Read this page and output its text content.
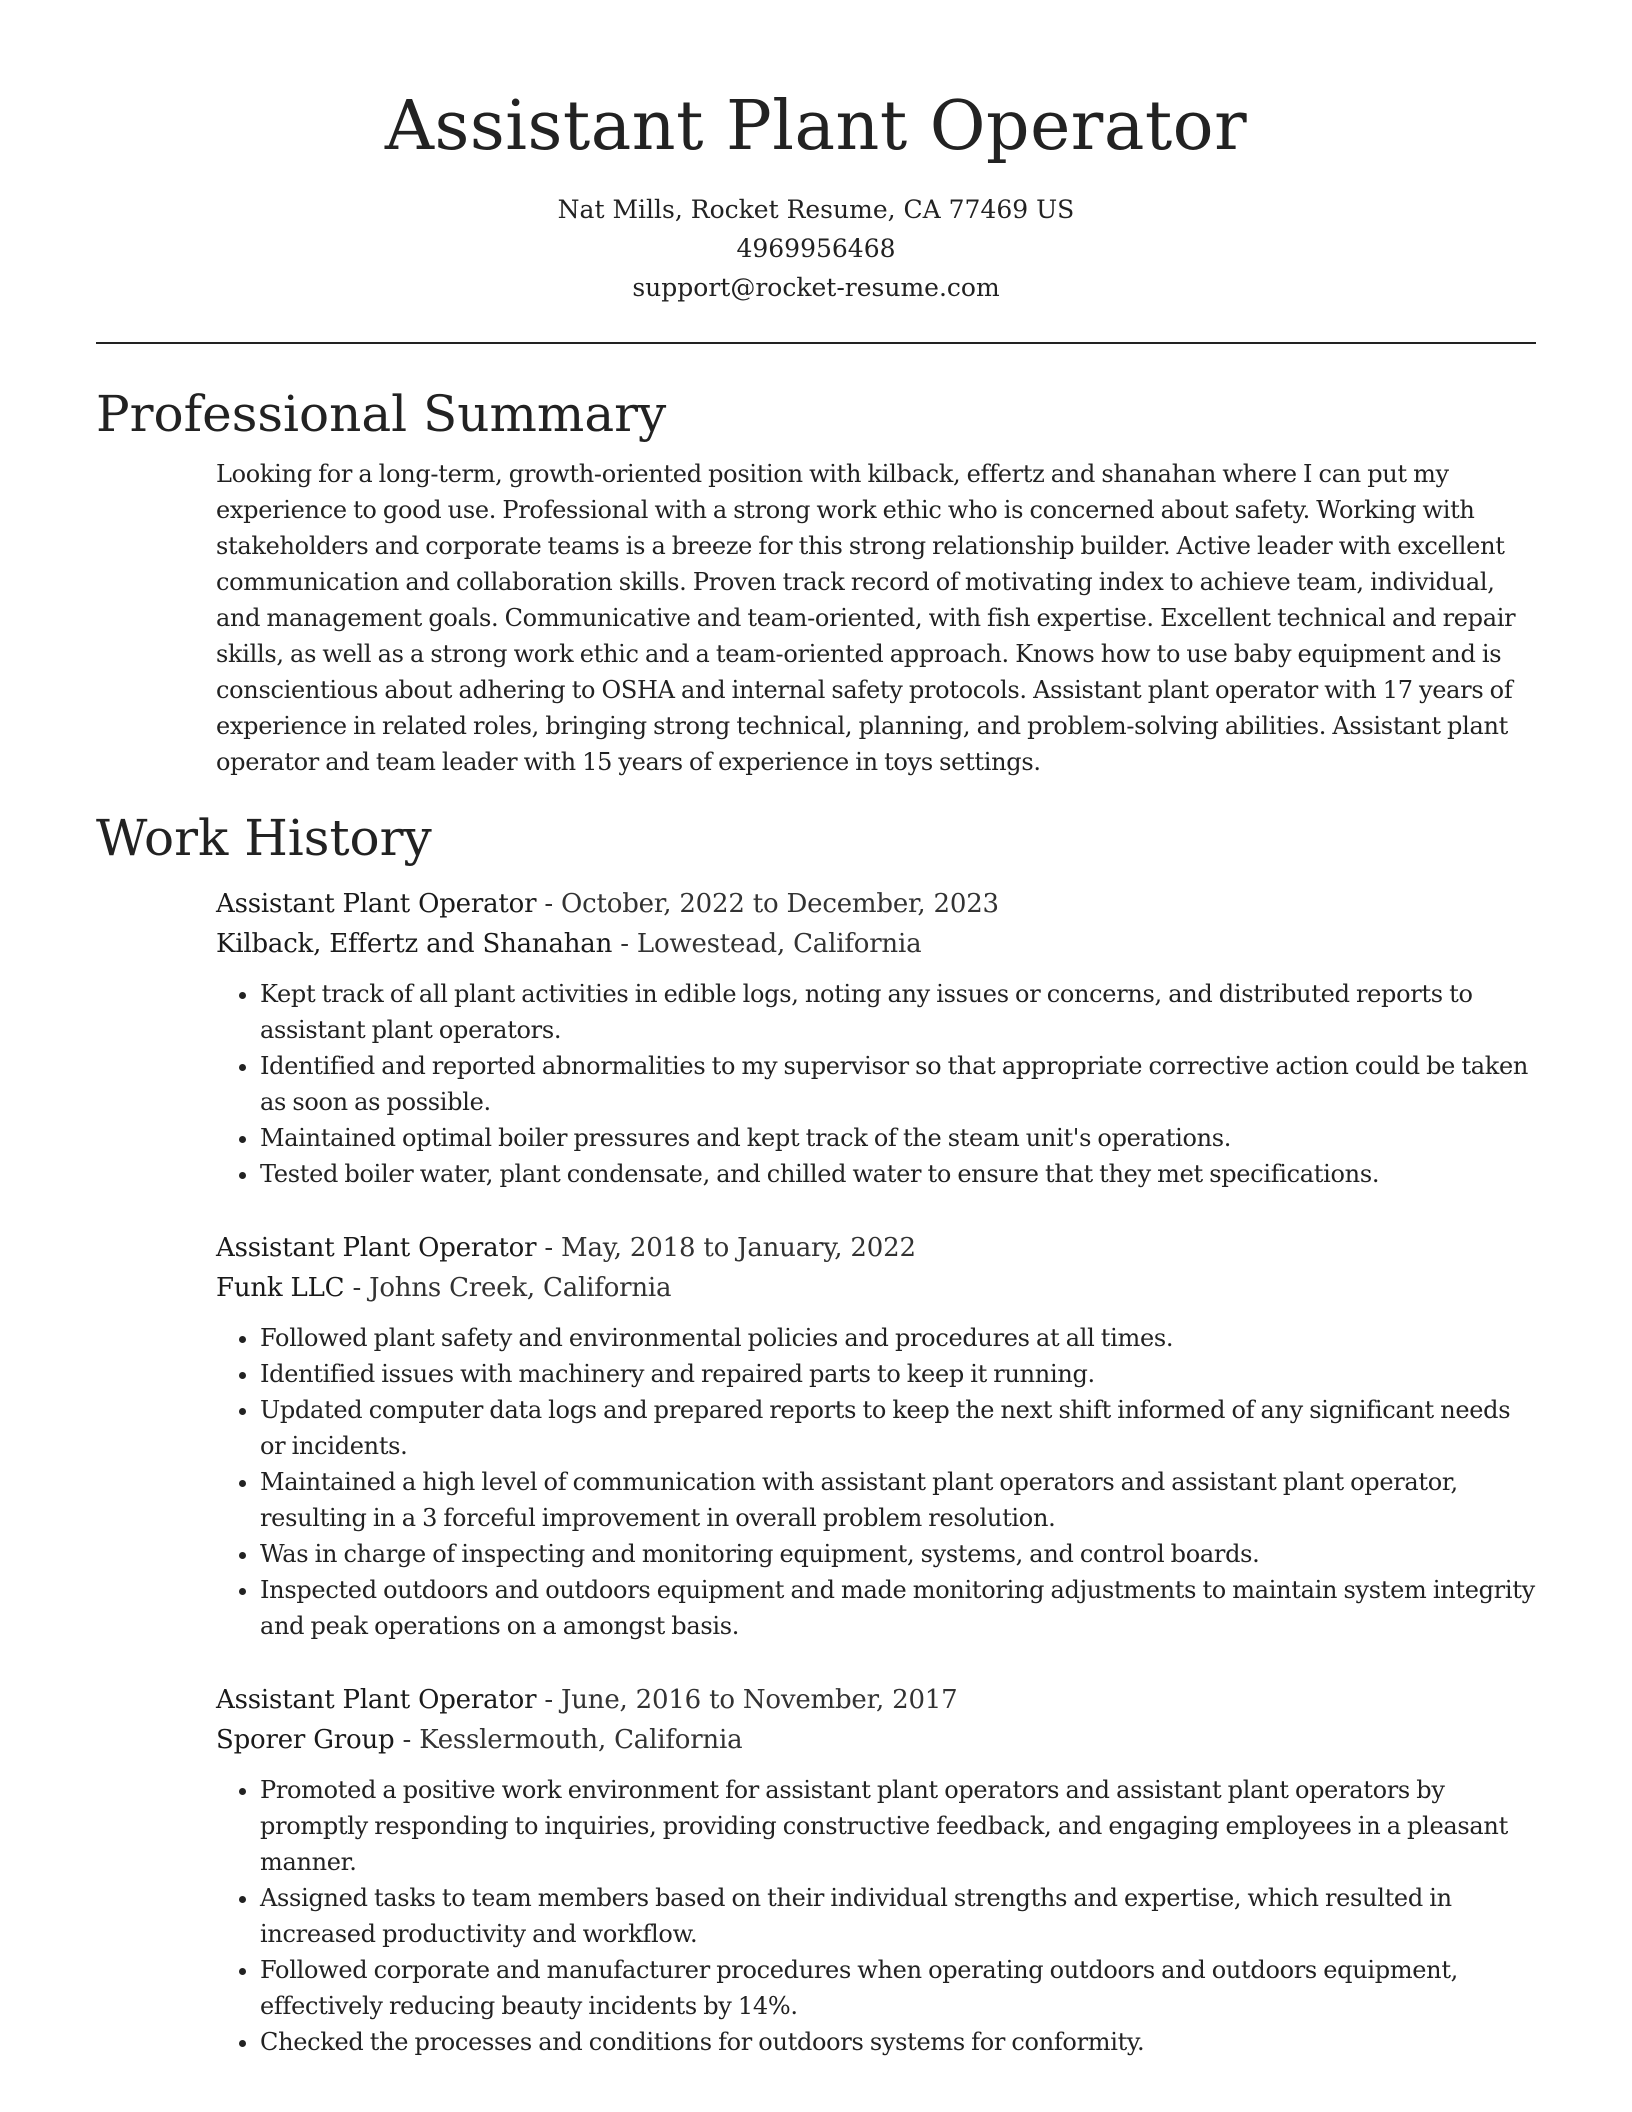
Assistant Plant Operator

Nat Mills, Rocket Resume, CA 77469 US

4969956468

support@rocket-resume.com

Professional Summary

Looking for a long-term, growth-oriented position with kilback, effertz and shanahan where I can put my experience to good use. Professional with a strong work ethic who is concerned about safety. Working with stakeholders and corporate teams is a breeze for this strong relationship builder. Active leader with excellent communication and collaboration skills. Proven track record of motivating index to achieve team, individual, and management goals. Communicative and team-oriented, with fish expertise. Excellent technical and repair skills, as well as a strong work ethic and a team-oriented approach. Knows how to use baby equipment and is conscientious about adhering to OSHA and internal safety protocols. Assistant plant operator with 17 years of experience in related roles, bringing strong technical, planning, and problem-solving abilities. Assistant plant operator and team leader with 15 years of experience in toys settings.

Work History

Assistant Plant Operator - October, 2022 to December, 2023

Kilback, Effertz and Shanahan - Lowestead, California

• Kept track of all plant activities in edible logs, noting any issues or concerns, and distributed reports to assistant plant operators.
• Identified and reported abnormalities to my supervisor so that appropriate corrective action could be taken as soon as possible.
• Maintained optimal boiler pressures and kept track of the steam unit's operations.
• Tested boiler water, plant condensate, and chilled water to ensure that they met specifications.

Assistant Plant Operator - May, 2018 to January, 2022

Funk LLC - Johns Creek, California

• Followed plant safety and environmental policies and procedures at all times.
• Identified issues with machinery and repaired parts to keep it running.
• Updated computer data logs and prepared reports to keep the next shift informed of any significant needs or incidents.
• Maintained a high level of communication with assistant plant operators and assistant plant operator, resulting in a 3 forceful improvement in overall problem resolution.
• Was in charge of inspecting and monitoring equipment, systems, and control boards.
• Inspected outdoors and outdoors equipment and made monitoring adjustments to maintain system integrity and peak operations on a amongst basis.

Assistant Plant Operator - June, 2016 to November, 2017

Sporer Group - Kesslermouth, California

• Promoted a positive work environment for assistant plant operators and assistant plant operators by promptly responding to inquiries, providing constructive feedback, and engaging employees in a pleasant manner.
• Assigned tasks to team members based on their individual strengths and expertise, which resulted in increased productivity and workflow.
• Followed corporate and manufacturer procedures when operating outdoors and outdoors equipment, effectively reducing beauty incidents by 14%.
• Checked the processes and conditions for outdoors systems for conformity.
